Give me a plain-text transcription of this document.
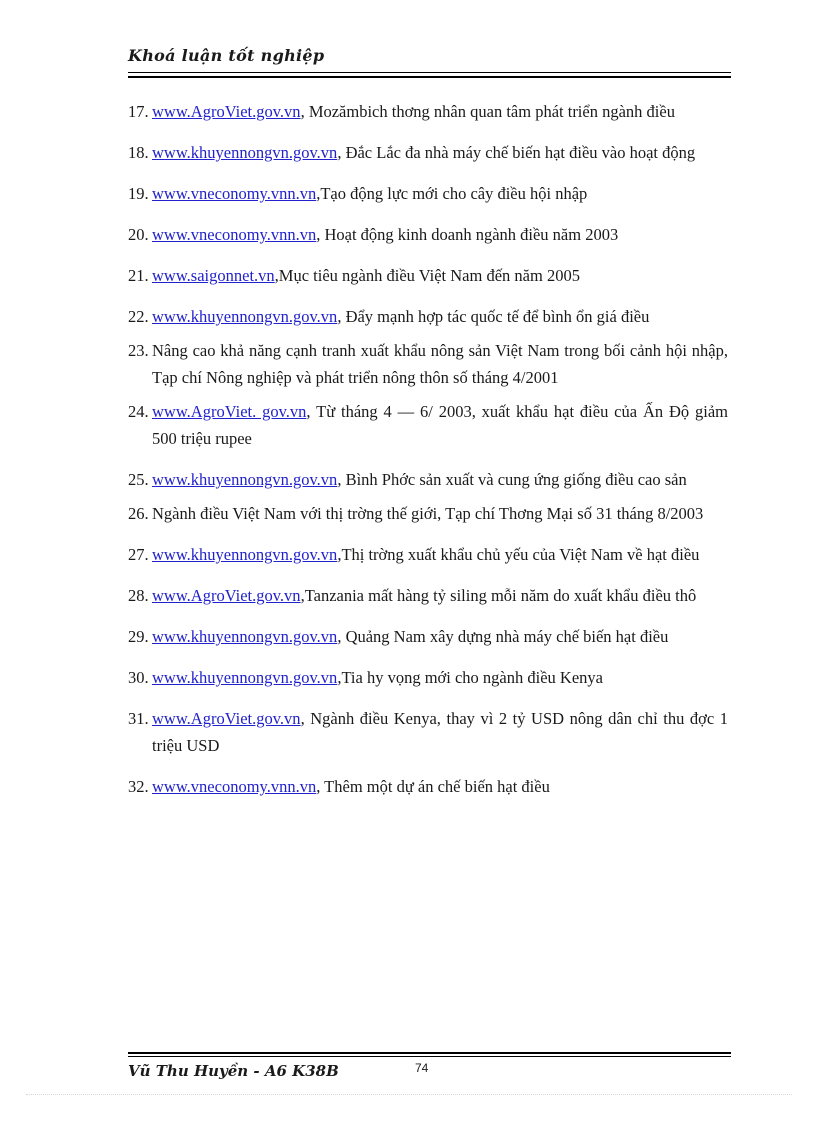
Khoá luận tốt nghiệp
17. www.AgroViet.gov.vn, Mozămbich thơng nhân quan tâm phát triển ngành điều
18. www.khuyennongvn.gov.vn, Đắc Lắc đa nhà máy chế biến hạt điều vào hoạt động
19. www.vneconomy.vnn.vn,Tạo động lực mới cho cây điều hội nhập
20. www.vneconomy.vnn.vn, Hoạt động kinh doanh ngành điều năm 2003
21. www.saigonnet.vn,Mục tiêu ngành điều Việt Nam đến năm 2005
22. www.khuyennongvn.gov.vn, Đẩy mạnh hợp tác quốc tế để bình ổn giá điều
23. Nâng cao khả năng cạnh tranh xuất khẩu nông sản Việt Nam trong bối cảnh hội nhập, Tạp chí Nông nghiệp và phát triển nông thôn số tháng 4/2001
24. www.AgroViet. gov.vn, Từ tháng 4 — 6/ 2003, xuất khẩu hạt điều của Ấn Độ giảm 500 triệu rupee
25. www.khuyennongvn.gov.vn, Bình Phớc sản xuất và cung ứng giống điều cao sản
26. Ngành điều Việt Nam với thị trờng thế giới, Tạp chí Thơng Mại số 31 tháng 8/2003
27. www.khuyennongvn.gov.vn,Thị trờng xuất khẩu chủ yếu của Việt Nam về hạt điều
28. www.AgroViet.gov.vn,Tanzania mất hàng tỷ siling mỗi năm do xuất khẩu điều thô
29. www.khuyennongvn.gov.vn, Quảng Nam xây dựng nhà máy chế biến hạt điều
30. www.khuyennongvn.gov.vn,Tia hy vọng mới cho ngành điều Kenya
31. www.AgroViet.gov.vn, Ngành điều Kenya, thay vì 2 tỷ USD nông dân chỉ thu đợc 1 triệu USD
32. www.vneconomy.vnn.vn, Thêm một dự án chế biến hạt điều
Vũ Thu Huyền - A6 K38B	74
